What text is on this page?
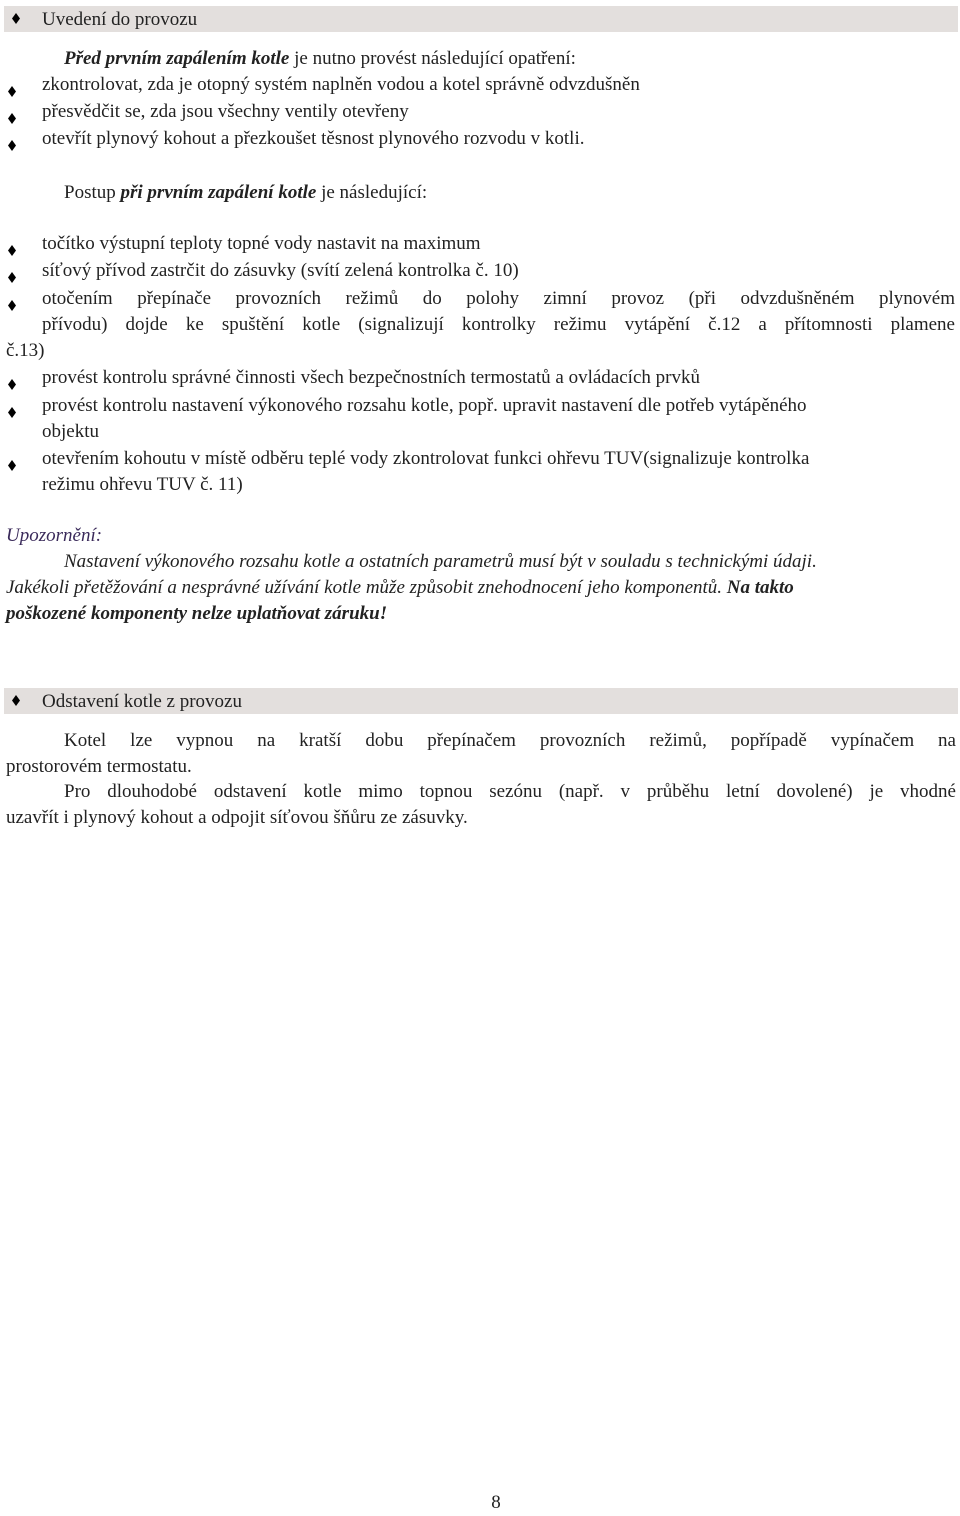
Uvedení do provozu
Před prvním zapálením kotle je nutno provést následující opatření:
zkontrolovat, zda je otopný systém naplněn vodou a kotel správně odvzdušněn
přesvědčit se, zda jsou všechny ventily otevřeny
otevřít plynový kohout a přezkoušet těsnost plynového rozvodu v kotli.
Postup při prvním zapálení kotle je následující:
točítko výstupní teploty topné vody nastavit na maximum
síťový přívod zastrčit do zásuvky (svítí zelená kontrolka č. 10)
otočením přepínače provozních režimů do polohy zimní provoz (při odvzdušněném plynovém
přívodu) dojde ke spuštění kotle (signalizují kontrolky režimu vytápění č.12 a přítomnosti plamene
č.13)
provést kontrolu správné činnosti všech bezpečnostních termostatů a ovládacích prvků
provést kontrolu nastavení výkonového rozsahu kotle, popř. upravit nastavení dle potřeb vytápěného
objektu
otevřením kohoutu v místě odběru teplé vody zkontrolovat funkci ohřevu TUV(signalizuje kontrolka
režimu ohřevu TUV č. 11)
Upozornění:
Nastavení výkonového rozsahu kotle a ostatních parametrů musí být v souladu s technickými údaji.
Jakékoli přetěžování a nesprávné užívání kotle může způsobit znehodnocení jeho komponentů. Na takto
poškozené komponenty nelze uplatňovat záruku!
Odstavení kotle z provozu
Kotel lze vypnou na kratší dobu přepínačem provozních režimů, popřípadě vypínačem na
prostorovém termostatu.
Pro dlouhodobé odstavení kotle mimo topnou sezónu (např. v průběhu letní dovolené) je vhodné
uzavřít i plynový kohout a odpojit síťovou šňůru ze zásuvky.
8
